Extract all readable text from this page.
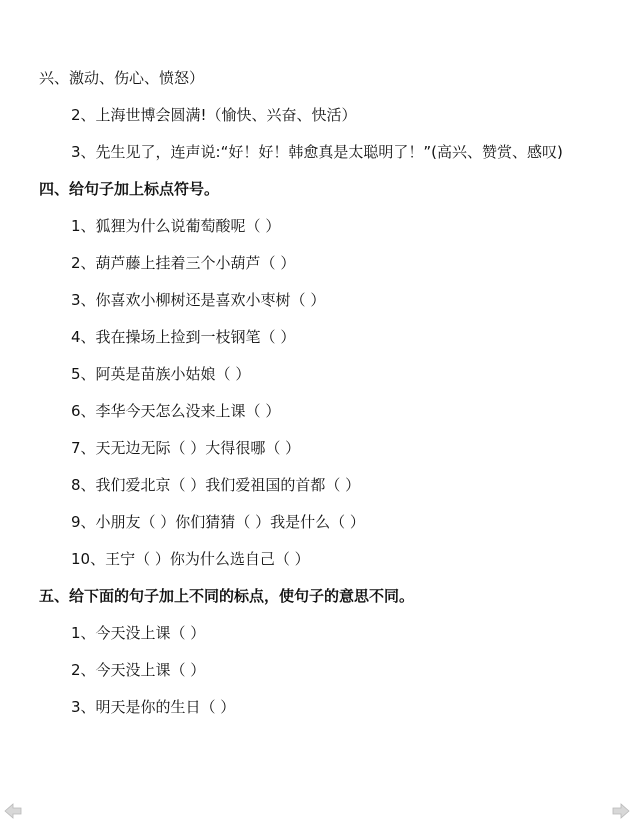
兴、激动、伤心、愤怒）
2、上海世博会圆满!（愉快、兴奋、快活）
3、先生见了，连声说:“好！好！韩愈真是太聪明了！”(高兴、赞赏、感叹)
四、给句子加上标点符号。
1、狐狸为什么说葡萄酸呢（ ）
2、葫芦藤上挂着三个小葫芦（ ）
3、你喜欢小柳树还是喜欢小枣树（ ）
4、我在操场上捡到一枝钢笔（ ）
5、阿英是苗族小姑娘（ ）
6、李华今天怎么没来上课（ ）
7、天无边无际（ ）大得很哪（ ）
8、我们爱北京（ ）我们爱祖国的首都（ ）
9、小朋友（ ）你们猜猜（ ）我是什么（ ）
10、王宁（ ）你为什么选自己（ ）
五、给下面的句子加上不同的标点，使句子的意思不同。
1、今天没上课（ ）
2、今天没上课（ ）
3、明天是你的生日（ ）
